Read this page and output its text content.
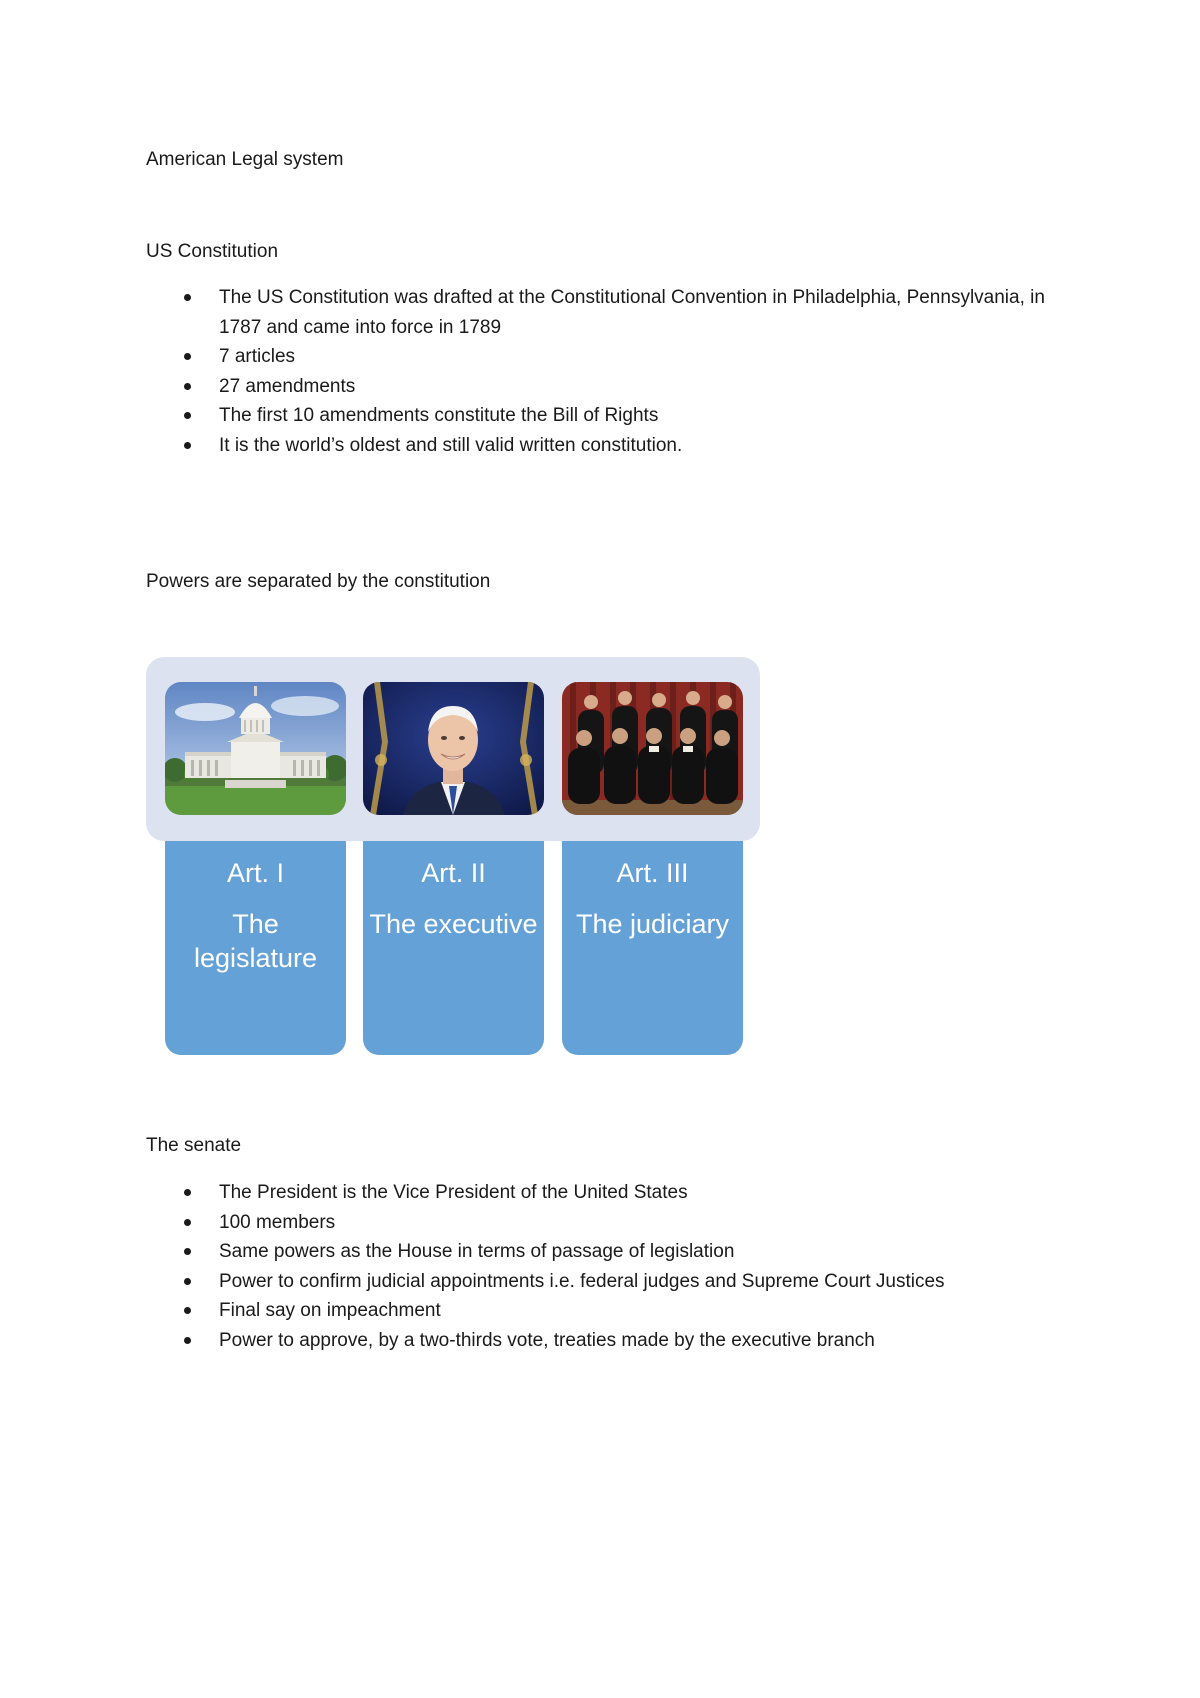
American Legal system
US Constitution
The US Constitution was drafted at the Constitutional Convention in Philadelphia, Pennsylvania, in 1787 and came into force in 1789
7 articles
27 amendments
The first 10 amendments constitute the Bill of Rights
It is the world’s oldest and still valid written constitution.
Powers are separated by the constitution
Art. I
The legislature
Art. II
The executive
Art. III
The judiciary
The senate
The President is the Vice President of the United States
100 members
Same powers as the House in terms of passage of legislation
Power to confirm judicial appointments i.e. federal judges and Supreme Court Justices
Final say on impeachment
Power to approve, by a two-thirds vote, treaties made by the executive branch
